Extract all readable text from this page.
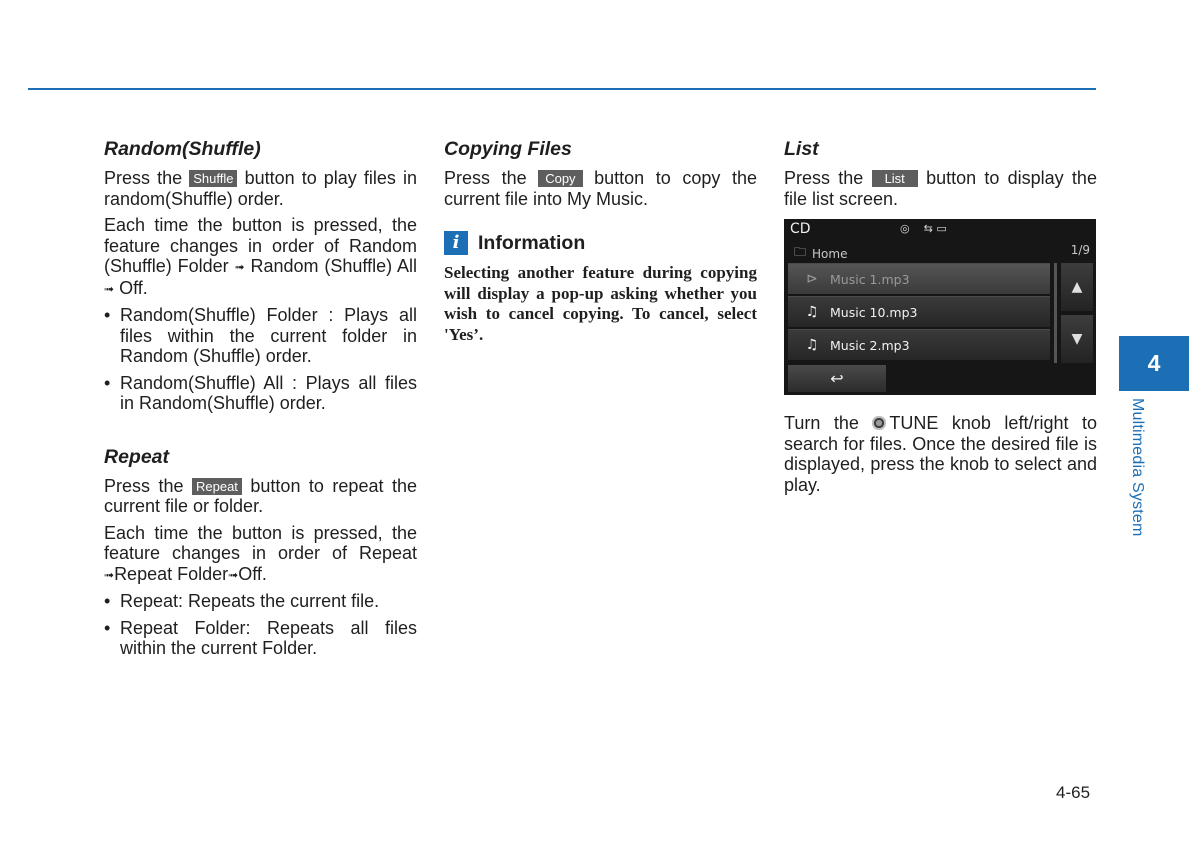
Random(Shuffle)

Press the Shuffle button to play files in random(Shuffle) order.

Each time the button is pressed, the feature changes in order of Random (Shuffle) Folder ➟ Random (Shuffle) All ➟ Off.

• Random(Shuffle) Folder : Plays all files within the current folder in Random (Shuffle) order.
• Random(Shuffle) All : Plays all files in Random(Shuffle) order.
Repeat

Press the Repeat button to repeat the current file or folder.

Each time the button is pressed, the feature changes in order of Repeat ➟Repeat Folder➟Off.

• Repeat: Repeats the current file.
• Repeat Folder: Repeats all files within the current Folder.
Copying Files

Press the Copy button to copy the current file into My Music.

i Information

Selecting another feature during copying will display a pop-up asking whether you wish to cancel copying. To cancel, select 'Yes’.

List

Press the List button to display the file list screen.

CD	◎ ⇆ ▭
🗀 Home	1/9
⊳ Music 1.mp3
♫ Music 10.mp3
♫ Music 2.mp3
▲
▼
↩

Turn the TUNE knob left/right to search for files. Once the desired file is displayed, press the knob to select and play.

4
Multimedia System
4-65
